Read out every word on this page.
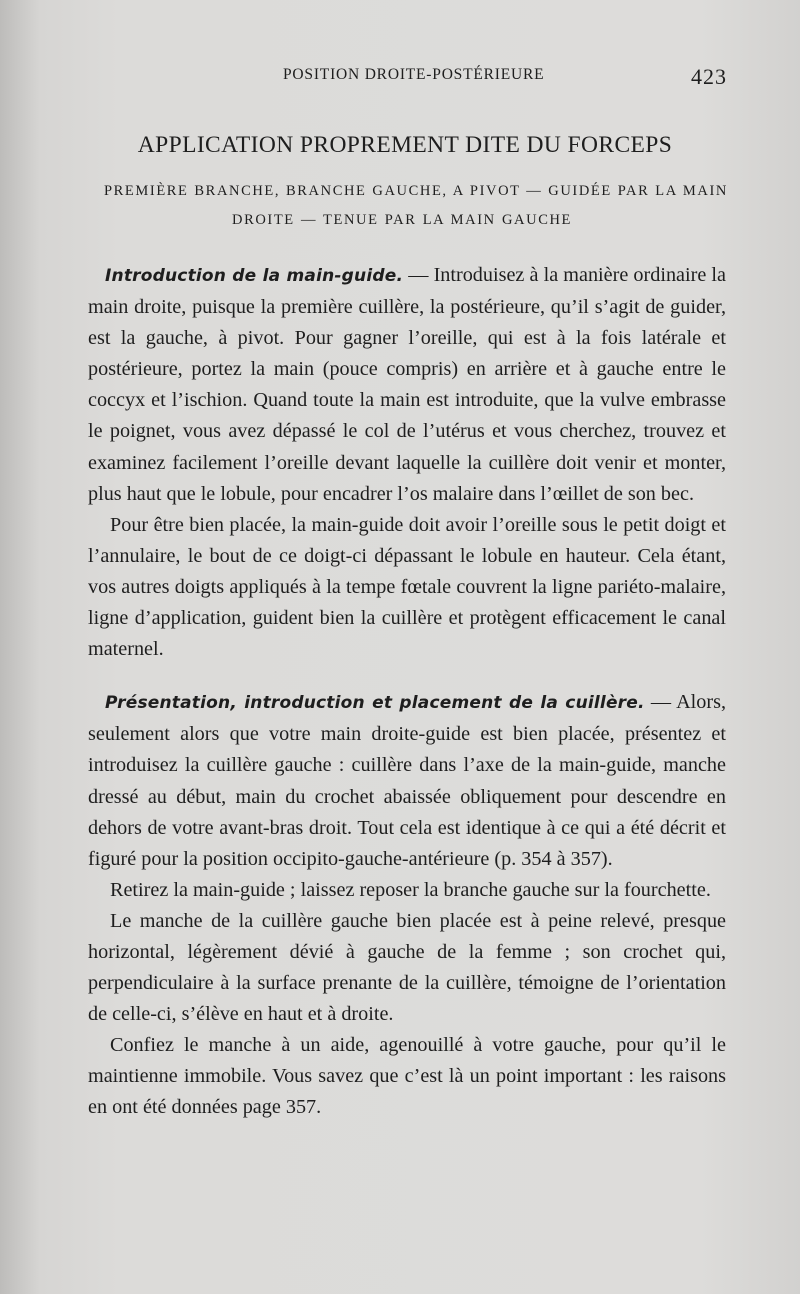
POSITION DROITE-POSTÉRIEURE	423
APPLICATION PROPREMENT DITE DU FORCEPS
PREMIÈRE BRANCHE, BRANCHE GAUCHE, A PIVOT — GUIDÉE PAR LA MAIN
DROITE — TENUE PAR LA MAIN GAUCHE

Introduction de la main-guide. — Introduisez à la manière ordinaire la main droite, puisque la première cuillère, la postérieure, qu’il s’agit de guider, est la gauche, à pivot. Pour gagner l’oreille, qui est à la fois latérale et postérieure, portez la main (pouce compris) en arrière et à gauche entre le coccyx et l’ischion. Quand toute la main est introduite, que la vulve embrasse le poignet, vous avez dépassé le col de l’utérus et vous cherchez, trouvez et examinez facilement l’oreille devant laquelle la cuillère doit venir et monter, plus haut que le lobule, pour encadrer l’os malaire dans l’œillet de son bec.

Pour être bien placée, la main-guide doit avoir l’oreille sous le petit doigt et l’annulaire, le bout de ce doigt-ci dépassant le lobule en hauteur. Cela étant, vos autres doigts appliqués à la tempe fœtale couvrent la ligne pariéto-malaire, ligne d’application, guident bien la cuillère et protègent efficacement le canal maternel.

Présentation, introduction et placement de la cuillère. — Alors, seulement alors que votre main droite-guide est bien placée, présentez et introduisez la cuillère gauche : cuillère dans l’axe de la main-guide, manche dressé au début, main du crochet abaissée obliquement pour descendre en dehors de votre avant-bras droit. Tout cela est identique à ce qui a été décrit et figuré pour la position occipito-gauche-antérieure (p. 354 à 357).

Retirez la main-guide ; laissez reposer la branche gauche sur la fourchette.

Le manche de la cuillère gauche bien placée est à peine relevé, presque horizontal, légèrement dévié à gauche de la femme ; son crochet qui, perpendiculaire à la surface prenante de la cuillère, témoigne de l’orientation de celle-ci, s’élève en haut et à droite.

Confiez le manche à un aide, agenouillé à votre gauche, pour qu’il le maintienne immobile. Vous savez que c’est là un point important : les raisons en ont été données page 357.
